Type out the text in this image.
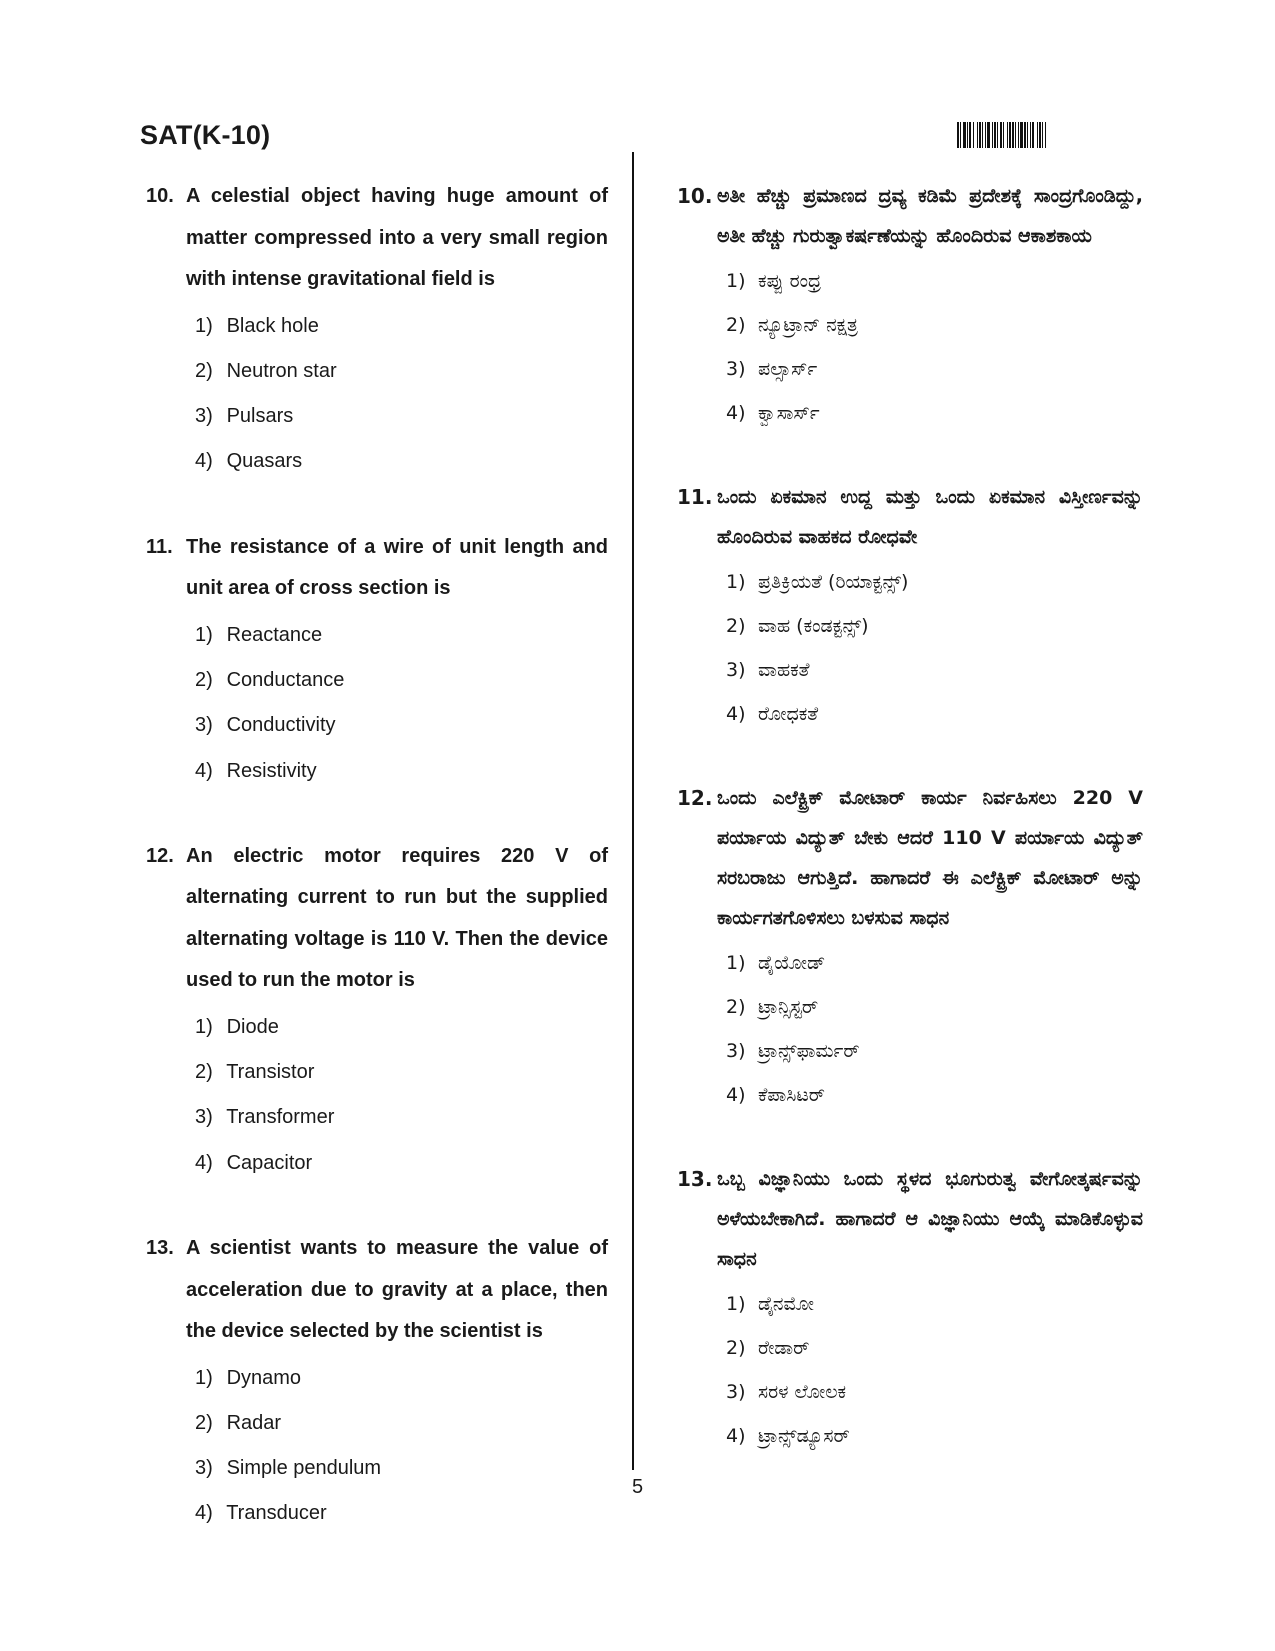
SAT(K-10)
10. A celestial object having huge amount of matter compressed into a very small region with intense gravitational field is
1) Black hole
2) Neutron star
3) Pulsars
4) Quasars
11. The resistance of a wire of unit length and unit area of cross section is
1) Reactance
2) Conductance
3) Conductivity
4) Resistivity
12. An electric motor requires 220 V of alternating current to run but the supplied alternating voltage is 110 V. Then the device used to run the motor is
1) Diode
2) Transistor
3) Transformer
4) Capacitor
13. A scientist wants to measure the value of acceleration due to gravity at a place, then the device selected by the scientist is
1) Dynamo
2) Radar
3) Simple pendulum
4) Transducer
10. ಅತೀ ಹೆಚ್ಚು ಪ್ರಮಾಣದ ದ್ರವ್ಯ ಕಡಿಮೆ ಪ್ರದೇಶಕ್ಕೆ ಸಾಂದ್ರಗೊಂಡಿದ್ದು, ಅತೀ ಹೆಚ್ಚು ಗುರುತ್ವಾಕರ್ಷಣೆಯನ್ನು ಹೊಂದಿರುವ ಆಕಾಶಕಾಯ
1) ಕಪ್ಪು ರಂಧ್ರ
2) ನ್ಯೂಟ್ರಾನ್ ನಕ್ಷತ್ರ
3) ಪಲ್ಸಾರ್ಸ್
4) ಕ್ವಾಸಾರ್ಸ್
11. ಒಂದು ಏಕಮಾನ ಉದ್ದ ಮತ್ತು ಒಂದು ಏಕಮಾನ ವಿಸ್ತೀರ್ಣವನ್ನು ಹೊಂದಿರುವ ವಾಹಕದ ರೋಧವೇ
1) ಪ್ರತಿಕ್ರಿಯತೆ (ರಿಯಾಕ್ಟನ್ಸ್)
2) ವಾಹ (ಕಂಡಕ್ಟನ್ಸ್)
3) ವಾಹಕತೆ
4) ರೋಧಕತೆ
12. ಒಂದು ಎಲೆಕ್ಟ್ರಿಕ್ ಮೋಟಾರ್ ಕಾರ್ಯ ನಿರ್ವಹಿಸಲು 220 V ಪರ್ಯಾಯ ವಿದ್ಯುತ್ ಬೇಕು ಆದರೆ 110 V ಪರ್ಯಾಯ ವಿದ್ಯುತ್ ಸರಬರಾಜು ಆಗುತ್ತಿದೆ. ಹಾಗಾದರೆ ಈ ಎಲೆಕ್ಟ್ರಿಕ್ ಮೋಟಾರ್ ಅನ್ನು ಕಾರ್ಯಗತಗೊಳಿಸಲು ಬಳಸುವ ಸಾಧನ
1) ಡೈಯೋಡ್
2) ಟ್ರಾನ್ಸಿಸ್ಟರ್
3) ಟ್ರಾನ್ಸ್‌ಫಾರ್ಮರ್
4) ಕೆಪಾಸಿಟರ್
13. ಒಬ್ಬ ವಿಜ್ಞಾನಿಯು ಒಂದು ಸ್ಥಳದ ಭೂಗುರುತ್ವ ವೇಗೋತ್ಕರ್ಷವನ್ನು ಅಳೆಯಬೇಕಾಗಿದೆ. ಹಾಗಾದರೆ ಆ ವಿಜ್ಞಾನಿಯು ಆಯ್ಕೆ ಮಾಡಿಕೊಳ್ಳುವ ಸಾಧನ
1) ಡೈನಮೋ
2) ರೇಡಾರ್
3) ಸರಳ ಲೋಲಕ
4) ಟ್ರಾನ್ಸ್‌ಡ್ಯೂಸರ್
5
